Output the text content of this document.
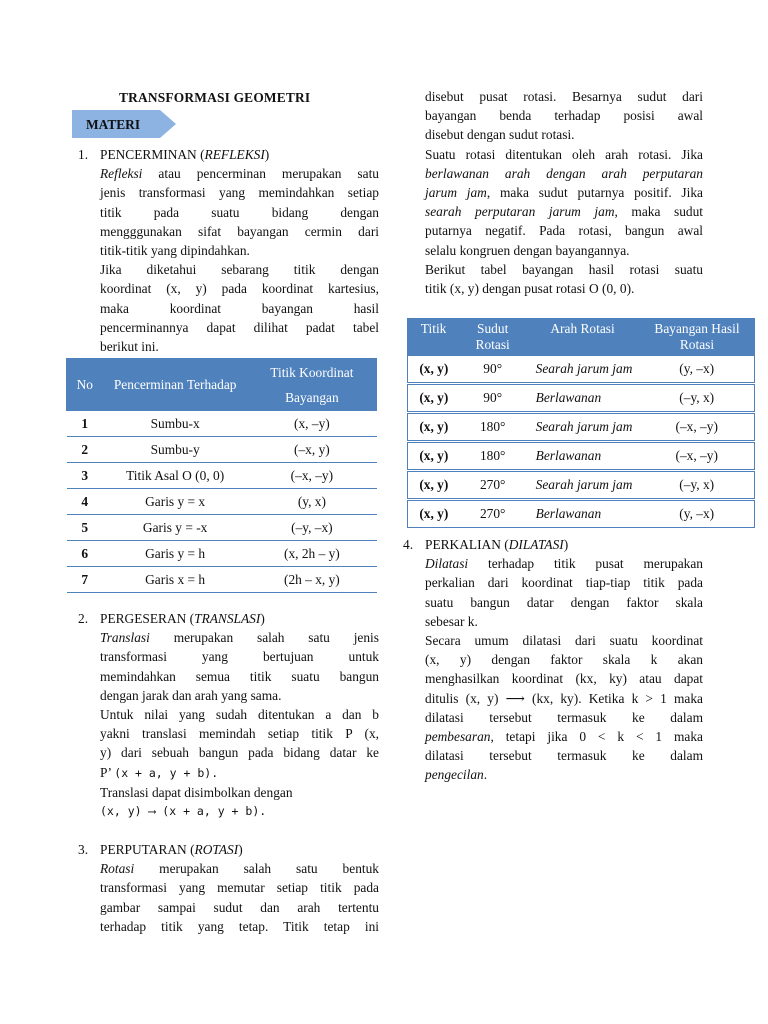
TRANSFORMASI GEOMETRI
MATERI
1. PENCERMINAN (REFLEKSI)
Refleksi atau pencerminan merupakan satu
jenis transformasi yang memindahkan setiap
titik pada suatu bidang dengan
mengggunakan sifat bayangan cermin dari
titik-titik yang dipindahkan.
Jika diketahui sebarang titik dengan
koordinat (x, y) pada koordinat kartesius,
maka koordinat bayangan hasil
pencerminannya dapat dilihat padat tabel
berikut ini.
No	Pencerminan Terhadap	Titik Koordinat Bayangan
1	Sumbu-x	(x, –y)
2	Sumbu-y	(–x, y)
3	Titik Asal O (0, 0)	(–x, –y)
4	Garis y = x	(y, x)
5	Garis y = -x	(–y, –x)
6	Garis y = h	(x, 2h – y)
7	Garis x = h	(2h – x, y)
2. PERGESERAN (TRANSLASI)
Translasi merupakan salah satu jenis
transformasi yang bertujuan untuk
memindahkan semua titik suatu bangun
dengan jarak dan arah yang sama.
Untuk nilai yang sudah ditentukan a dan b
yakni translasi memindah setiap titik P (x,
y) dari sebuah bangun pada bidang datar ke
P’ (x + a, y + b).
Translasi dapat disimbolkan dengan
(x, y) ⟶ (x + a, y + b).
3. PERPUTARAN (ROTASI)
Rotasi merupakan salah satu bentuk
transformasi yang memutar setiap titik pada
gambar sampai sudut dan arah tertentu
terhadap titik yang tetap. Titik tetap ini
disebut pusat rotasi. Besarnya sudut dari
bayangan benda terhadap posisi awal
disebut dengan sudut rotasi.
Suatu rotasi ditentukan oleh arah rotasi. Jika
berlawanan arah dengan arah perputaran
jarum jam, maka sudut putarnya positif. Jika
searah perputaran jarum jam, maka sudut
putarnya negatif. Pada rotasi, bangun awal
selalu kongruen dengan bayangannya.
Berikut tabel bayangan hasil rotasi suatu
titik (x, y) dengan pusat rotasi O (0, 0).
Titik	Sudut Rotasi	Arah Rotasi	Bayangan Hasil Rotasi
(x, y)	90°	Searah jarum jam	(y, –x)
(x, y)	90°	Berlawanan	(–y, x)
(x, y)	180°	Searah jarum jam	(–x, –y)
(x, y)	180°	Berlawanan	(–x, –y)
(x, y)	270°	Searah jarum jam	(–y, x)
(x, y)	270°	Berlawanan	(y, –x)
4. PERKALIAN (DILATASI)
Dilatasi terhadap titik pusat merupakan
perkalian dari koordinat tiap-tiap titik pada
suatu bangun datar dengan faktor skala
sebesar k.
Secara umum dilatasi dari suatu koordinat
(x, y) dengan faktor skala k akan
menghasilkan koordinat (kx, ky) atau dapat
ditulis (x, y) ⟶ (kx, ky). Ketika k > 1 maka
dilatasi tersebut termasuk ke dalam
pembesaran, tetapi jika 0 < k < 1 maka
dilatasi tersebut termasuk ke dalam
pengecilan.
